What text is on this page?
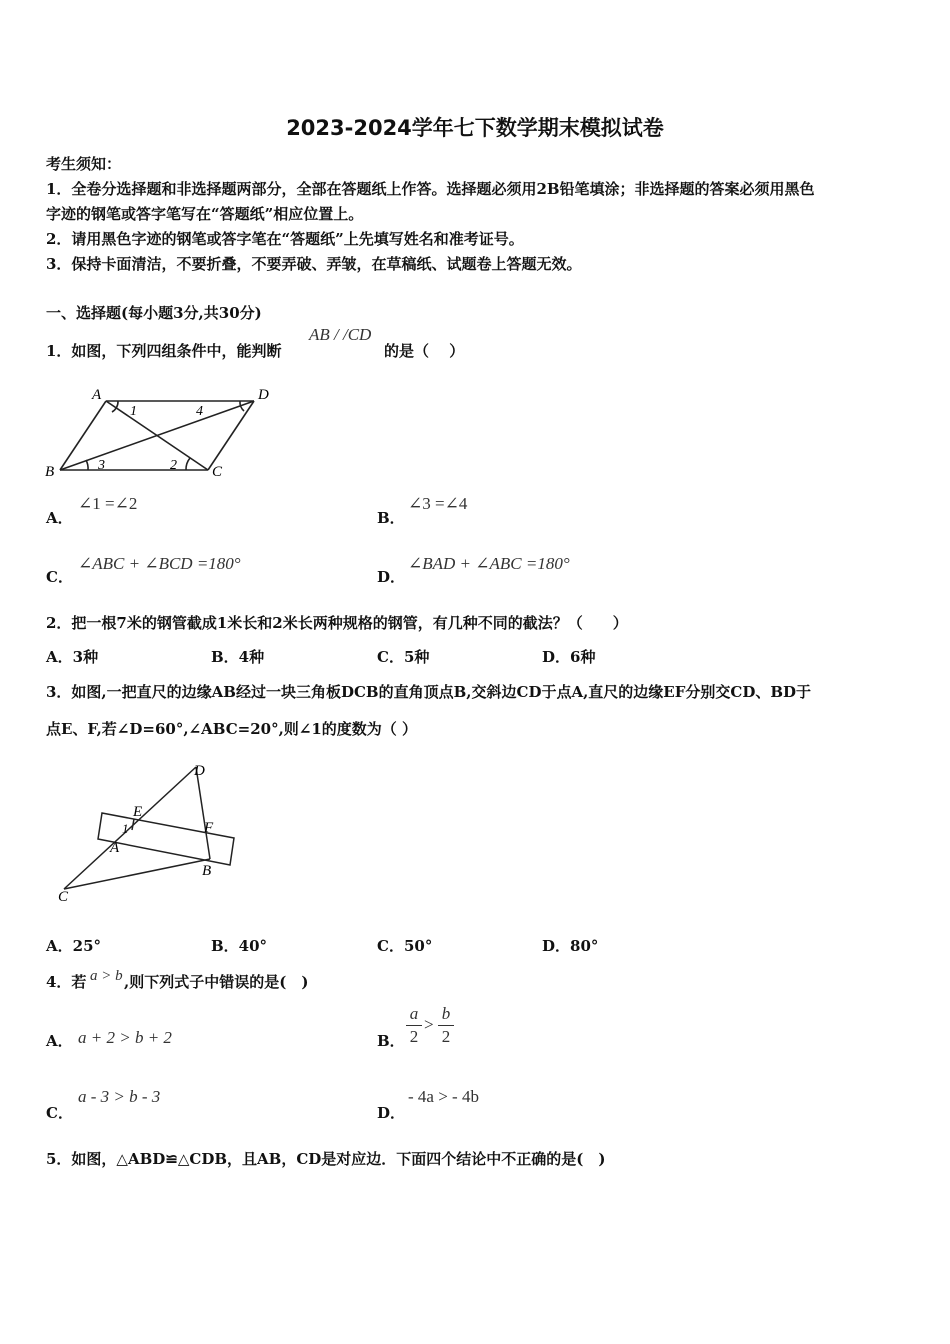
2023-2024学年七下数学期末模拟试卷
考生须知：
1．全卷分选择题和非选择题两部分，全部在答题纸上作答。选择题必须用2B铅笔填涂；非选择题的答案必须用黑色
字迹的钢笔或答字笔写在“答题纸”相应位置上。
2．请用黑色字迹的钢笔或答字笔在“答题纸”上先填写姓名和准考证号。
3．保持卡面清洁，不要折叠，不要弄破、弄皱，在草稿纸、试题卷上答题无效。
一、选择题(每小题3分,共30分)
1．如图，下列四组条件中，能判断
AB / /CD
的是（　 ）
A	D
B	C
1	4
3	2
A．
∠1 =∠2
B．
∠3 =∠4
C．
∠ABC + ∠BCD =180°
D．
∠BAD + ∠ABC =180°
2．把一根7米的钢管截成1米长和2米长两种规格的钢管，有几种不同的截法？（　　）
A．3种	B．4种	C．5种	D．6种
3．如图,一把直尺的边缘AB经过一块三角板DCB的直角顶点B,交斜边CD于点A,直尺的边缘EF分别交CD、BD于
点E、F,若∠D=60°,∠ABC=20°,则∠1的度数为（ ）
D
E
F
1
A
B
C
A．25°	B．40°	C．50°	D．80°
4．若 a > b ,则下列式子中错误的是(　)
A． a + 2 > b + 2	B．
a
2
>
b
2
C．
a - 3 > b - 3
D．
- 4a > - 4b
5．如图，△ABD≌△CDB，且AB，CD是对应边．下面四个结论中不正确的是(　)
